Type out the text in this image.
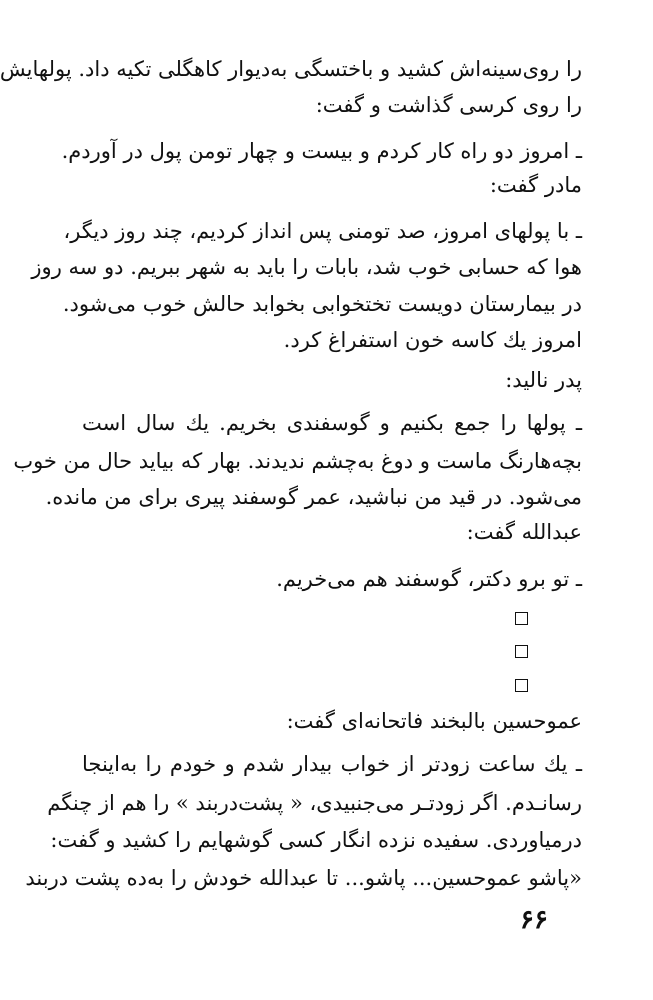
را روی‌سینه‌اش کشید و باختسگی به‌دیوار کاهگلی تکیه داد. پولهایش
را روی کرسی گذاشت و گفت:
ـ امروز دو راه کار کردم و بیست و چهار تومن پول در آوردم.
مادر گفت:
ـ با پولهای امروز، صد تومنی پس انداز کردیم، چند روز دیگر،
هوا که حسابی خوب شد، بابات را باید به شهر ببریم. دو سه روز
در بیمارستان دویست تختخوابی بخوابد حالش خوب می‌شود.
امروز یك کاسه خون استفراغ کرد.
پدر نالید:
ـ پولها را جمع بکنیم و گوسفندی بخریم. یك سال است
بچه‌هار‌نگ ماست و دوغ به‌چشم ندیدند. بهار که بیاید حال من خوب
می‌شود. در قید من نباشید، عمر گوسفند پیری برای من مانده.
عبدالله گفت:
ـ تو برو دکتر، گوسفند هم می‌خریم.
عموحسین بالبخند فاتحانه‌ای گفت:
ـ یك ساعت زودتر از خواب بیدار شدم و خودم را به‌اینجا
رسانـدم. اگر زودتـر می‌جنبیدی، « پشت‌دربند » را هم از چنگم
درمیاوردی. سفیده نزده انگار کسی گوشهایم را کشید و گفت:
«پاشو عموحسین... پاشو... تا عبدالله خودش را به‌ده پشت دربند
۶۶
